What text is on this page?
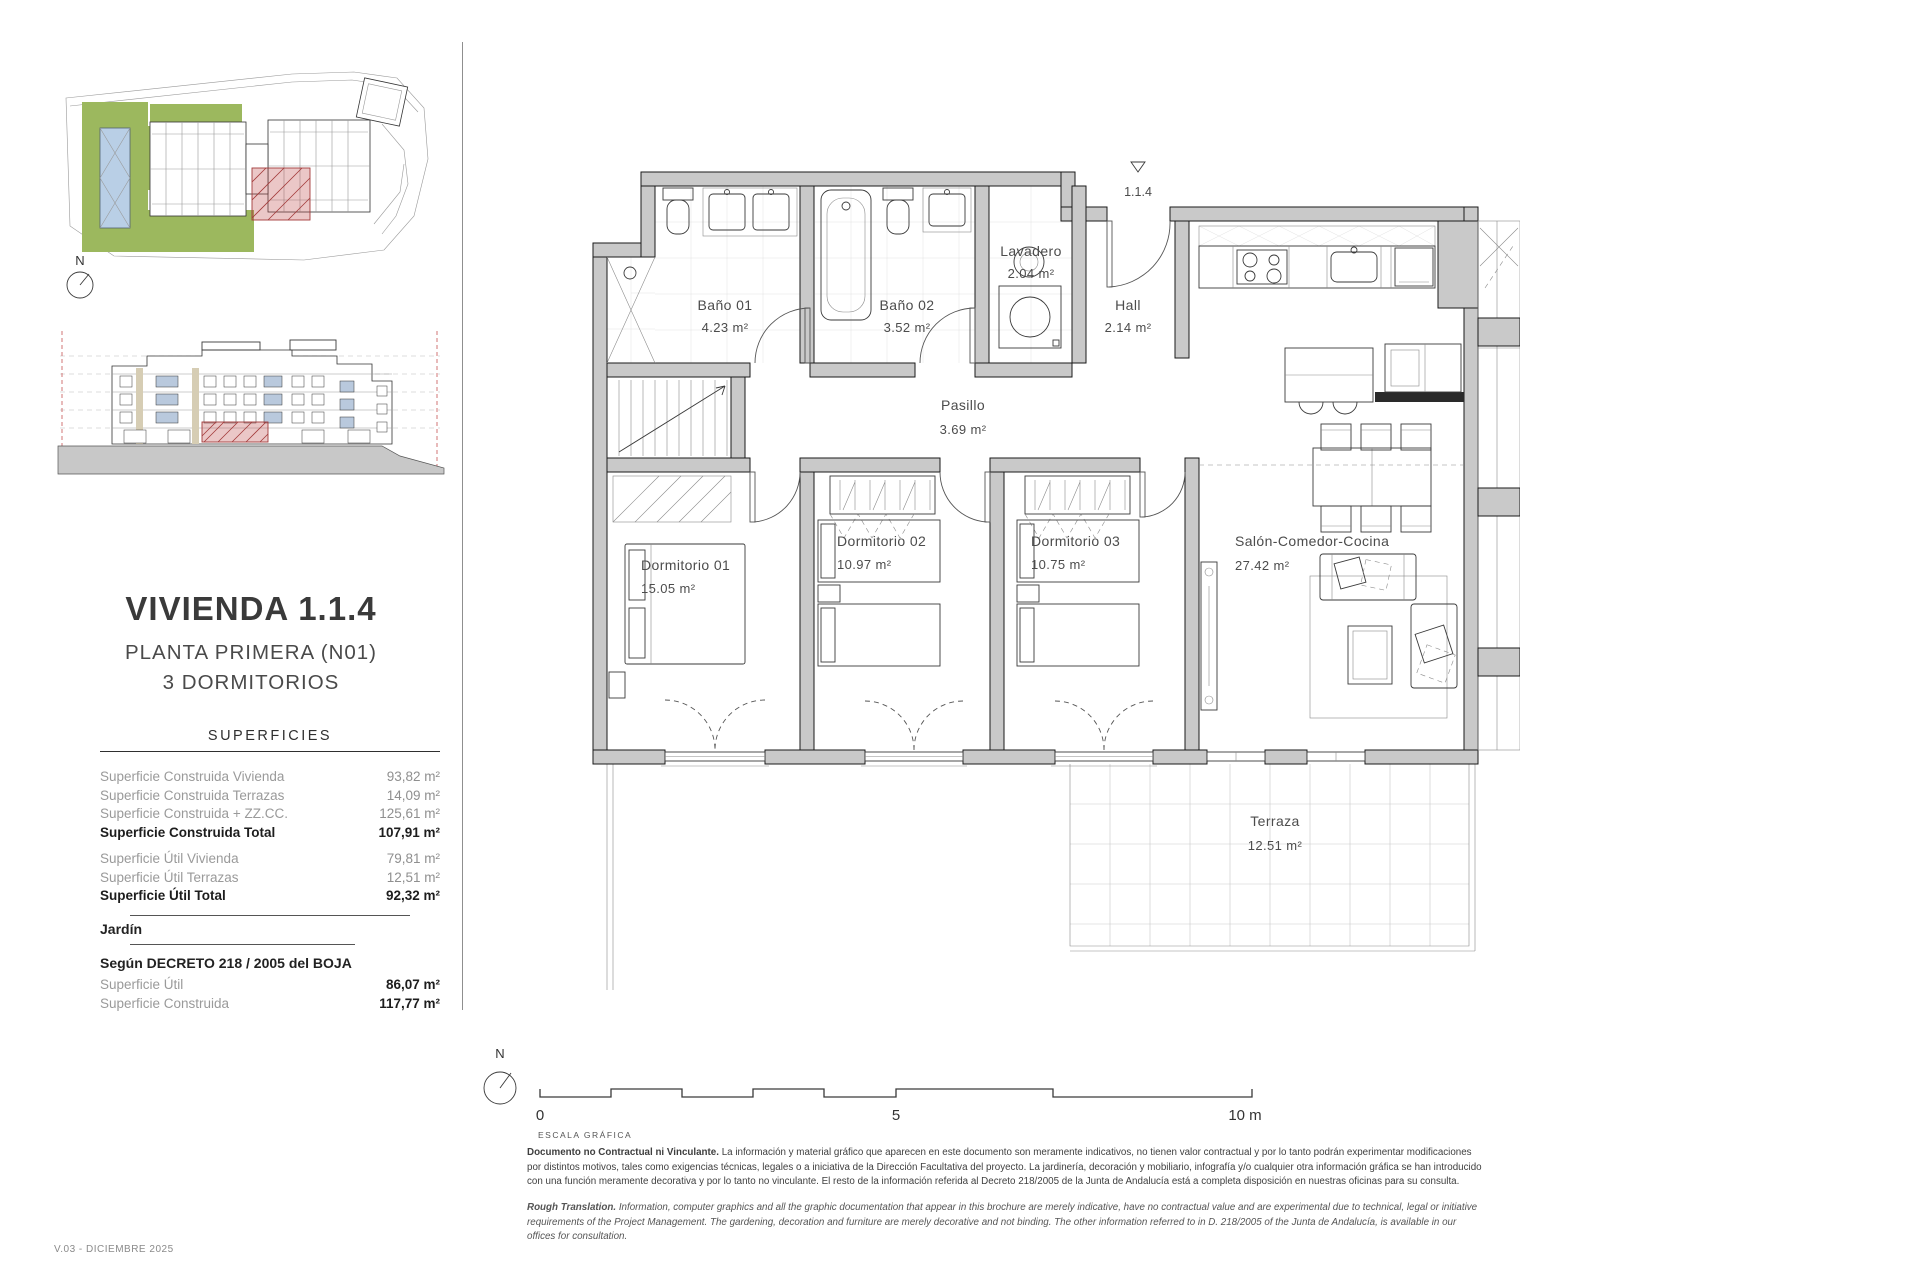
N
VIVIENDA 1.1.4
PLANTA PRIMERA (N01)
3 DORMITORIOS
SUPERFICIES
Superficie Construida Vivienda	93,82 m²
Superficie Construida Terrazas	14,09 m²
Superficie Construida + ZZ.CC.	125,61 m²
Superficie Construida Total	107,91 m²
Superficie Útil Vivienda	79,81 m²
Superficie Útil Terrazas	12,51 m²
Superficie Útil Total	92,32 m²
Jardín
Según DECRETO 218 / 2005 del BOJA
Superficie Útil	86,07 m²
Superficie Construida	117,77 m²
1.1.4
Baño 01
4.23 m²
Baño 02
3.52 m²
Lavadero
2.04 m²
Hall
2.14 m²
Pasillo
3.69 m²
Dormitorio 01
15.05 m²
Dormitorio 02
10.97 m²
Dormitorio 03
10.75 m²
Salón-Comedor-Cocina
27.42 m²
Terraza
12.51 m²
N
0	5	10 m
ESCALA GRÁFICA

Documento no Contractual ni Vinculante. La información y material gráfico que aparecen en este documento son meramente indicativos, no tienen valor contractual y por lo tanto podrán experimentar modificaciones por distintos motivos, tales como exigencias técnicas, legales o a iniciativa de la Dirección Facultativa del proyecto. La jardinería, decoración y mobiliario, infografía y/o cualquier otra información gráfica se han introducido con una función meramente decorativa y por lo tanto no vinculante. El resto de la información referida al Decreto 218/2005 de la Junta de Andalucía está a completa disposición en nuestras oficinas para su consulta.

Rough Translation. Information, computer graphics and all the graphic documentation that appear in this brochure are merely indicative, have no contractual value and are experimental due to technical, legal or initiative requirements of the Project Management. The gardening, decoration and furniture are merely decorative and not binding. The other information referred to in D. 218/2005 of the Junta de Andalucía, is available in our offices for consultation.

V.03 - DICIEMBRE 2025
